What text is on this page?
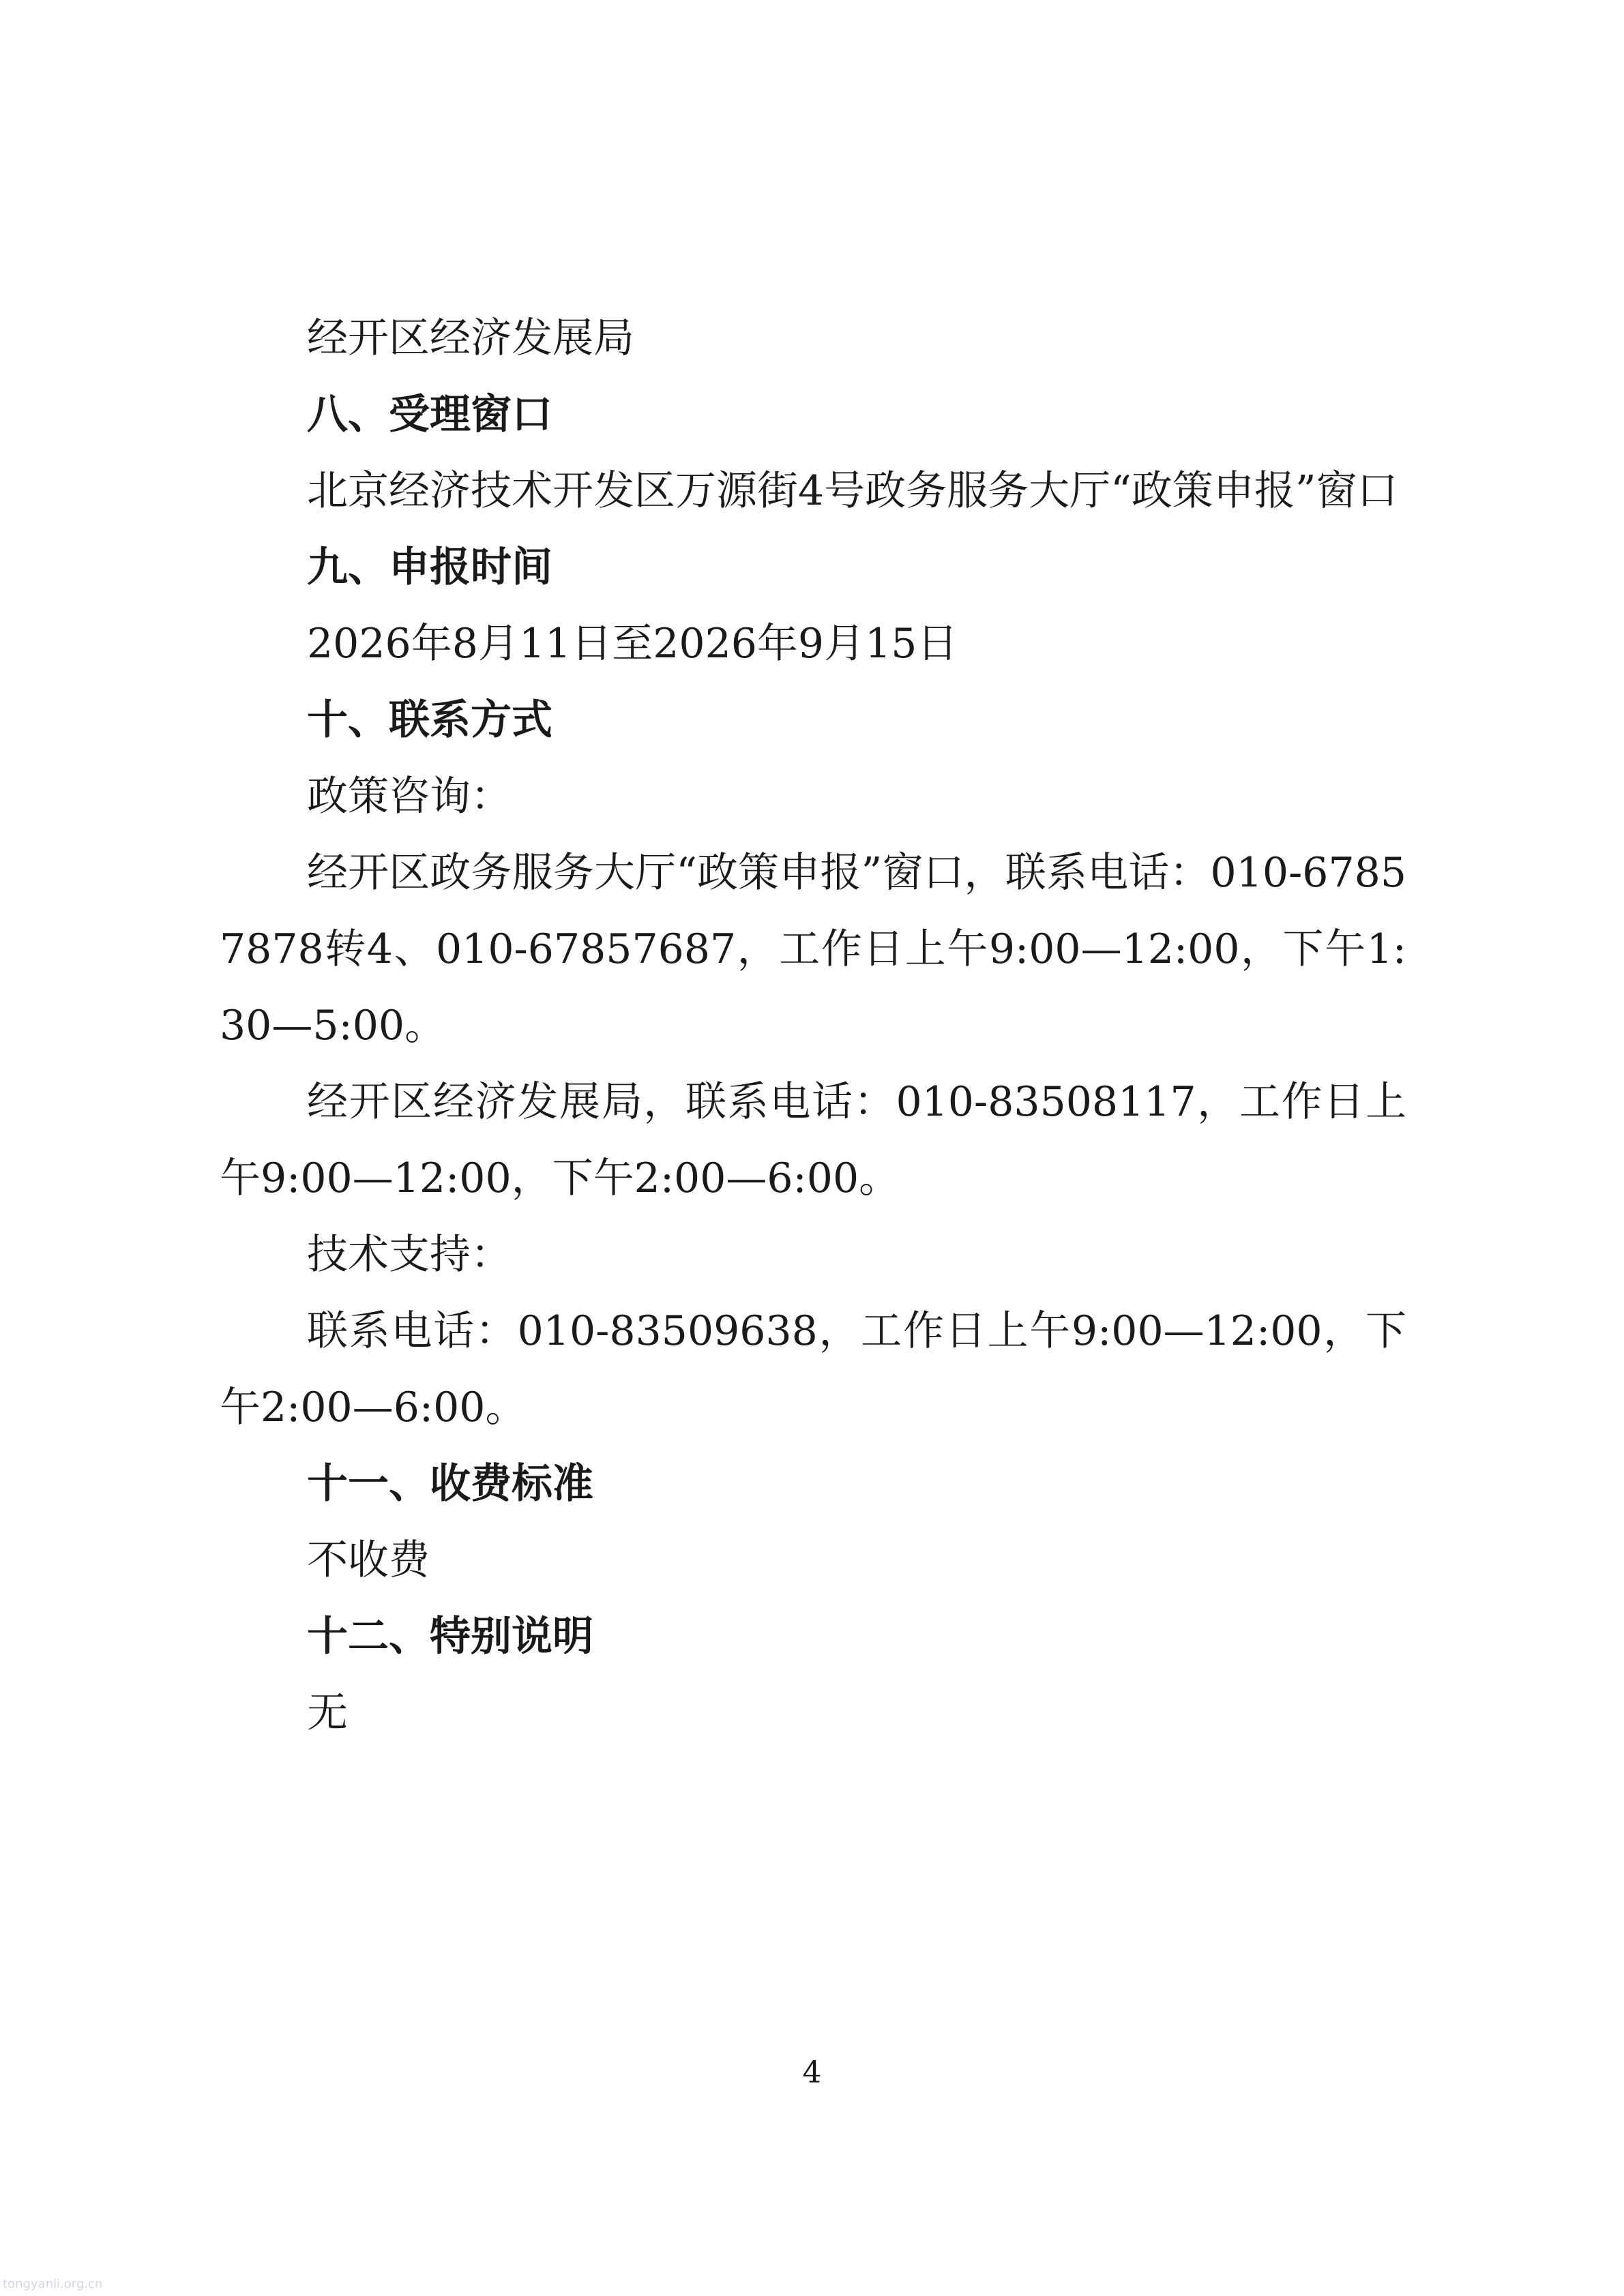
经开区经济发展局

八、受理窗口

北京经济技术开发区万源街4号政务服务大厅“政策申报”窗口

九、申报时间

2026年8月11日至2026年9月15日

十、联系方式

政策咨询：

经开区政务服务大厅“政策申报”窗口，联系电话：010-67857878转4、010-67857687，工作日上午9:00—12:00，下午1:30—5:00。

经开区经济发展局，联系电话：010-83508117，工作日上午9:00—12:00，下午2:00—6:00。

技术支持：

联系电话：010-83509638，工作日上午9:00—12:00，下午2:00—6:00。

十一、收费标准

不收费

十二、特别说明

无

4
tongyanli.org.cn
